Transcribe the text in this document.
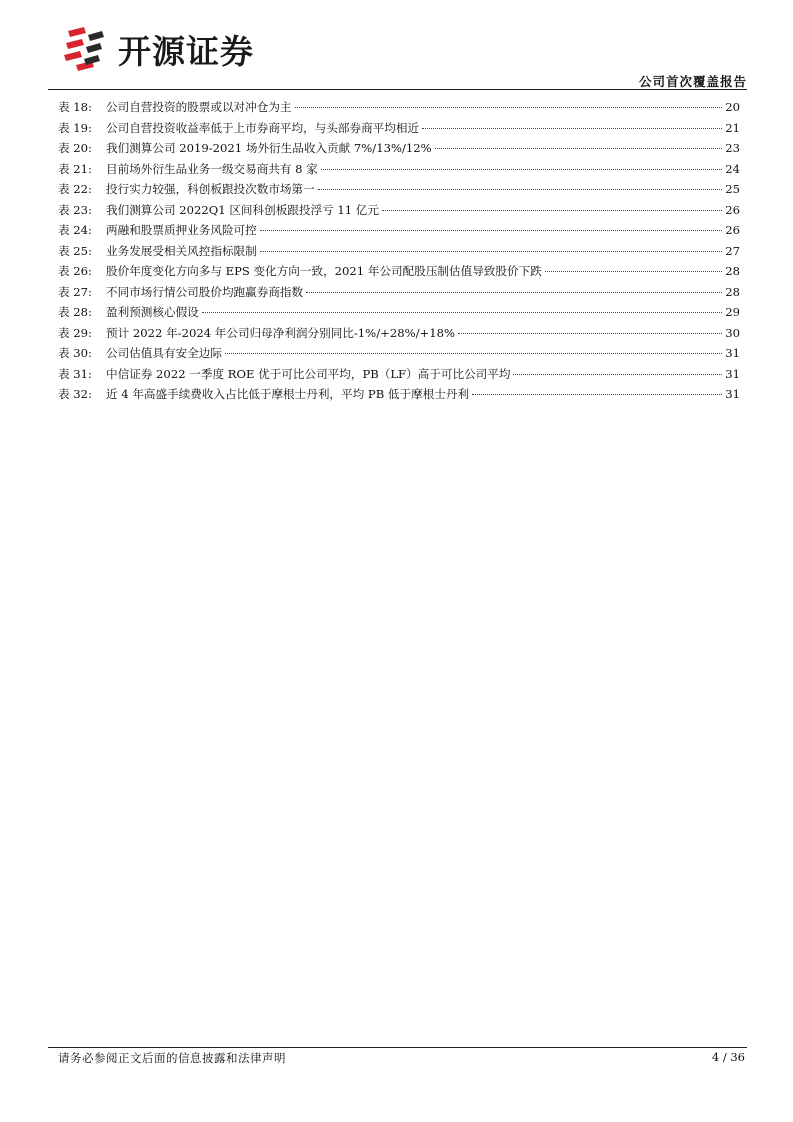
开源证券
公司首次覆盖报告
表 18:	公司自营投资的股票或以对冲仓为主	20
表 19:	公司自营投资收益率低于上市券商平均，与头部券商平均相近	21
表 20:	我们测算公司 2019-2021 场外衍生品收入贡献 7%/13%/12%	23
表 21:	目前场外衍生品业务一级交易商共有 8 家	24
表 22:	投行实力较强，科创板跟投次数市场第一	25
表 23:	我们测算公司 2022Q1 区间科创板跟投浮亏 11 亿元	26
表 24:	两融和股票质押业务风险可控	26
表 25:	业务发展受相关风控指标限制	27
表 26:	股价年度变化方向多与 EPS 变化方向一致，2021 年公司配股压制估值导致股价下跌	28
表 27:	不同市场行情公司股价均跑赢券商指数	28
表 28:	盈利预测核心假设	29
表 29:	预计 2022 年-2024 年公司归母净利润分别同比-1%/+28%/+18%	30
表 30:	公司估值具有安全边际	31
表 31:	中信证券 2022 一季度 ROE 优于可比公司平均，PB（LF）高于可比公司平均	31
表 32:	近 4 年高盛手续费收入占比低于摩根士丹利，平均 PB 低于摩根士丹利	31
请务必参阅正文后面的信息披露和法律声明	4 / 36
